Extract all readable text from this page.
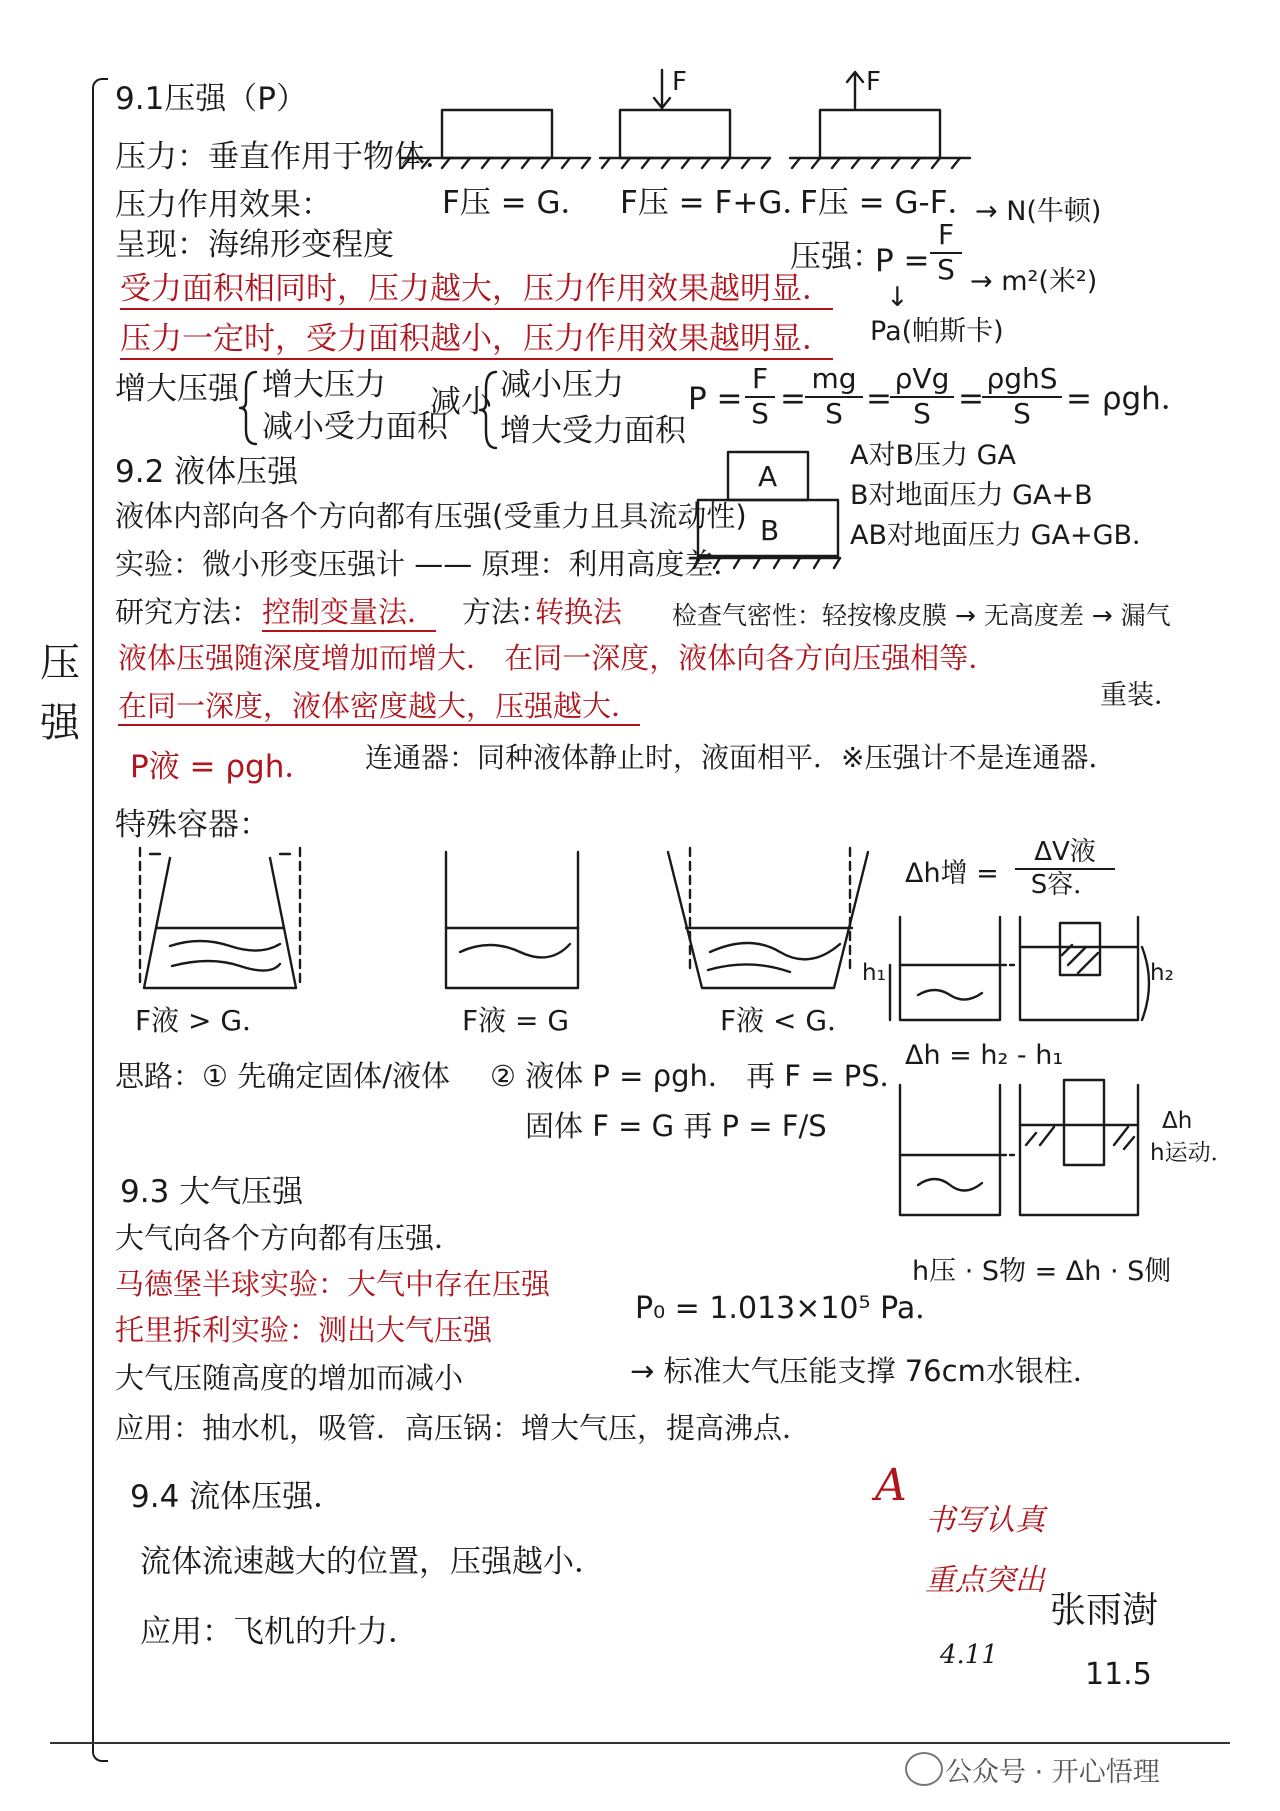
压
强
9.1压强（P）
压力：垂直作用于物体．
压力作用效果：
呈现：海绵形变程度
受力面积相同时，压力越大，压力作用效果越明显．
压力一定时，受力面积越小，压力作用效果越明显．
增大压强 增大压力
减小受力面积
减小 减小压力
增大受力面积
P =
F
S =
mg
S =
ρVg
S =
ρghS
S	= ρgh．
F	F
F压 = G． F压 = F+G．
F压 = G-F．
压强：
P =
F
S
→ N(牛顿)
→ m²(米²)
↓
Pa(帕斯卡)
9.2 液体压强
液体内部向各个方向都有压强(受重力且具流动性)
实验：微小形变压强计 —— 原理：利用高度差．
研究方法： 控制变量法． 方法：
转换法 检查气密性：轻按橡皮膜 → 无高度差 → 漏气
重装．
液体压强随深度增加而增大． 在同一深度，液体向各方向压强相等．
在同一深度，液体密度越大，压强越大．
P液 = ρgh． 连通器：同种液体静止时，液面相平．※压强计不是连通器．
特殊容器：
A
B
A对B压力 GA
B对地面压力 GA+B
AB对地面压力 GA+GB．
F液 > G．	F液 = G	F液 < G．
思路：① 先确定固体/液体 ② 液体 P = ρgh． 再 F = PS．
固体 F = G 再 P = F/S
Δh增 =
ΔV液
S容．
h₁	h₂
Δh = h₂ - h₁
Δh
h运动．
h压 · S物 = Δh · S侧
9.3 大气压强
大气向各个方向都有压强．
马德堡半球实验：大气中存在压强
托里拆利实验：测出大气压强
大气压随高度的增加而减小
应用：抽水机，吸管．高压锅：增大气压，提高沸点．
P₀ = 1.013×10⁵ Pa．
→ 标准大气压能支撑 76cm水银柱．
9.4 流体压强．
流体流速越大的位置，压强越小．
应用：飞机的升力．
A
书写认真
重点突出
张雨澍
4.11
11.5
公众号 · 开心悟理
